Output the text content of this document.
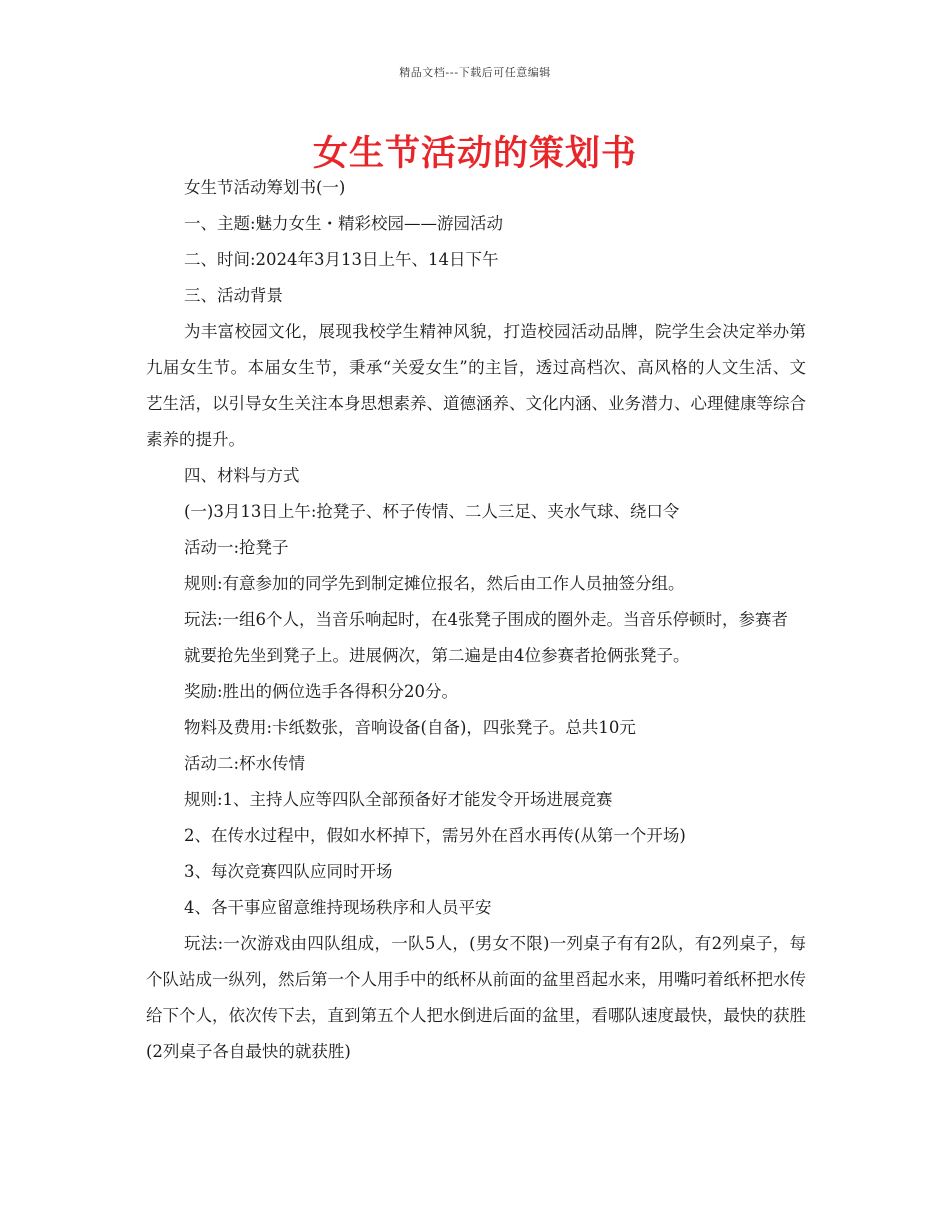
精品文档---下载后可任意编辑
女生节活动的策划书

女生节活动筹划书(一)

一、主题:魅力女生・精彩校园——游园活动

二、时间:2024年3月13日上午、14日下午

三、活动背景

为丰富校园文化，展现我校学生精神风貌，打造校园活动品牌，院学生会决定举办第九届女生节。本届女生节，秉承“关爱女生”的主旨，透过高档次、高风格的人文生活、文艺生活，以引导女生关注本身思想素养、道德涵养、文化内涵、业务潜力、心理健康等综合素养的提升。

四、材料与方式

(一)3月13日上午:抢凳子、杯子传情、二人三足、夹水气球、绕口令

活动一:抢凳子

规则:有意参加的同学先到制定摊位报名，然后由工作人员抽签分组。

玩法:一组6个人，当音乐响起时，在4张凳子围成的圈外走。当音乐停顿时，参赛者

就要抢先坐到凳子上。进展俩次，第二遍是由4位参赛者抢俩张凳子。

奖励:胜出的俩位选手各得积分20分。

物料及费用:卡纸数张，音响设备(自备)，四张凳子。总共10元

活动二:杯水传情

规则:1、主持人应等四队全部预备好才能发令开场进展竞赛

2、在传水过程中，假如水杯掉下，需另外在舀水再传(从第一个开场)

3、每次竞赛四队应同时开场

4、各干事应留意维持现场秩序和人员平安

玩法:一次游戏由四队组成，一队5人，(男女不限)一列桌子有有2队，有2列桌子，每个队站成一纵列，然后第一个人用手中的纸杯从前面的盆里舀起水来，用嘴叼着纸杯把水传给下个人，依次传下去，直到第五个人把水倒进后面的盆里，看哪队速度最快，最快的获胜(2列桌子各自最快的就获胜)
